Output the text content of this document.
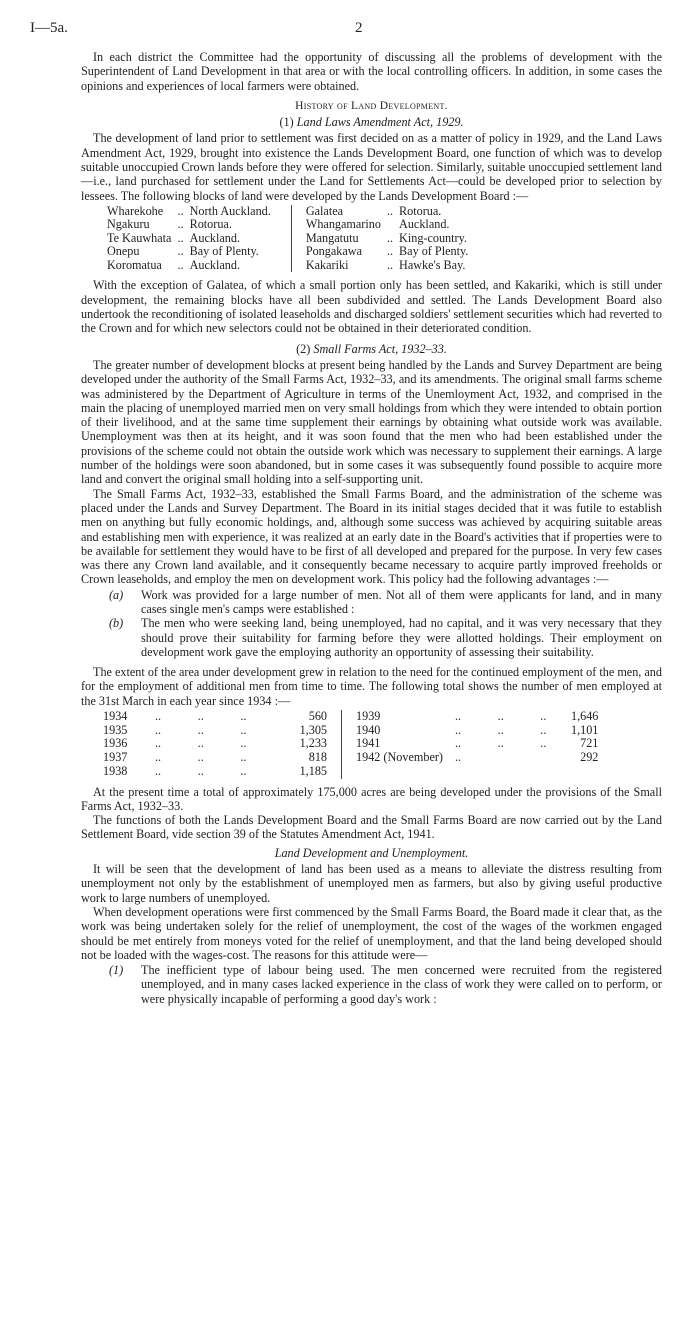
I—5a.	2

In each district the Committee had the opportunity of discussing all the problems of development with the Superintendent of Land Development in that area or with the local controlling officers. In addition, in some cases the opinions and experiences of local farmers were obtained.

History of Land Development.
(1) Land Laws Amendment Act, 1929.

The development of land prior to settlement was first decided on as a matter of policy in 1929, and the Land Laws Amendment Act, 1929, brought into existence the Lands Development Board, one function of which was to develop suitable unoccupied Crown lands before they were offered for selection. Similarly, suitable unoccupied settlement land—i.e., land purchased for settlement under the Land for Settlements Act—could be developed prior to selection by lessees. The following blocks of land were developed by the Lands Development Board :—

Wharekohe	..	North Auckland.	Galatea	..	Rotorua.
Ngakuru	..	Rotorua.	Whangamarino		Auckland.
Te Kauwhata	..	Auckland.	Mangatutu	..	King-country.
Onepu	..	Bay of Plenty.	Pongakawa	..	Bay of Plenty.
Koromatua	..	Auckland.	Kakariki	..	Hawke's Bay.

With the exception of Galatea, of which a small portion only has been settled, and Kakariki, which is still under development, the remaining blocks have all been subdivided and settled. The Lands Development Board also undertook the reconditioning of isolated leaseholds and discharged soldiers' settlement securities which had reverted to the Crown and for which new selectors could not be obtained in their deteriorated condition.

(2) Small Farms Act, 1932–33.

The greater number of development blocks at present being handled by the Lands and Survey Department are being developed under the authority of the Small Farms Act, 1932–33, and its amendments. The original small farms scheme was administered by the Department of Agriculture in terms of the Unemloyment Act, 1932, and comprised in the main the placing of unemployed married men on very small holdings from which they were intended to obtain portion of their livelihood, and at the same time supplement their earnings by obtaining what outside work was available. Unemployment was then at its height, and it was soon found that the men who had been established under the provisions of the scheme could not obtain the outside work which was necessary to supplement their earnings. A large number of the holdings were soon abandoned, but in some cases it was subsequently found possible to acquire more land and convert the original small holding into a self-supporting unit.

The Small Farms Act, 1932–33, established the Small Farms Board, and the administration of the scheme was placed under the Lands and Survey Department. The Board in its initial stages decided that it was futile to establish men on anything but fully economic holdings, and, although some success was achieved by acquiring suitable areas and establishing men with experience, it was realized at an early date in the Board's activities that if properties were to be available for settlement they would have to be first of all developed and prepared for the purpose. In very few cases was there any Crown land available, and it consequently became necessary to acquire partly improved freeholds or Crown leaseholds, and employ the men on development work. This policy had the following advantages :—

(a)	Work was provided for a large number of men. Not all of them were applicants for land, and in many cases single men's camps were established :
(b)	The men who were seeking land, being unemployed, had no capital, and it was very necessary that they should prove their suitability for farming before they were allotted holdings. Their employment on development work gave the employing authority an opportunity of assessing their suitability.

The extent of the area under development grew in relation to the need for the continued employment of the men, and for the employment of additional men from time to time. The following total shows the number of men employed at the 31st March in each year since 1934 :—

1934	..            ..            ..	560	1939	..            ..            ..	1,646
1935	..            ..            ..	1,305	1940	..            ..            ..	1,101
1936	..            ..            ..	1,233	1941	..            ..            ..	721
1937	..            ..            ..	818	1942 (November)	..	292
1938	..            ..            ..	1,185			

At the present time a total of approximately 175,000 acres are being developed under the provisions of the Small Farms Act, 1932–33.

The functions of both the Lands Development Board and the Small Farms Board are now carried out by the Land Settlement Board, vide section 39 of the Statutes Amendment Act, 1941.

Land Development and Unemployment.

It will be seen that the development of land has been used as a means to alleviate the distress resulting from unemployment not only by the establishment of unemployed men as farmers, but also by giving useful productive work to large numbers of unemployed.

When development operations were first commenced by the Small Farms Board, the Board made it clear that, as the work was being undertaken solely for the relief of unemployment, the cost of the wages of the workmen engaged should be met entirely from moneys voted for the relief of unemployment, and that the land being developed should not be loaded with the wages-cost. The reasons for this attitude were—

(1)	The inefficient type of labour being used. The men concerned were recruited from the registered unemployed, and in many cases lacked experience in the class of work they were called on to perform, or were physically incapable of performing a good day's work :
